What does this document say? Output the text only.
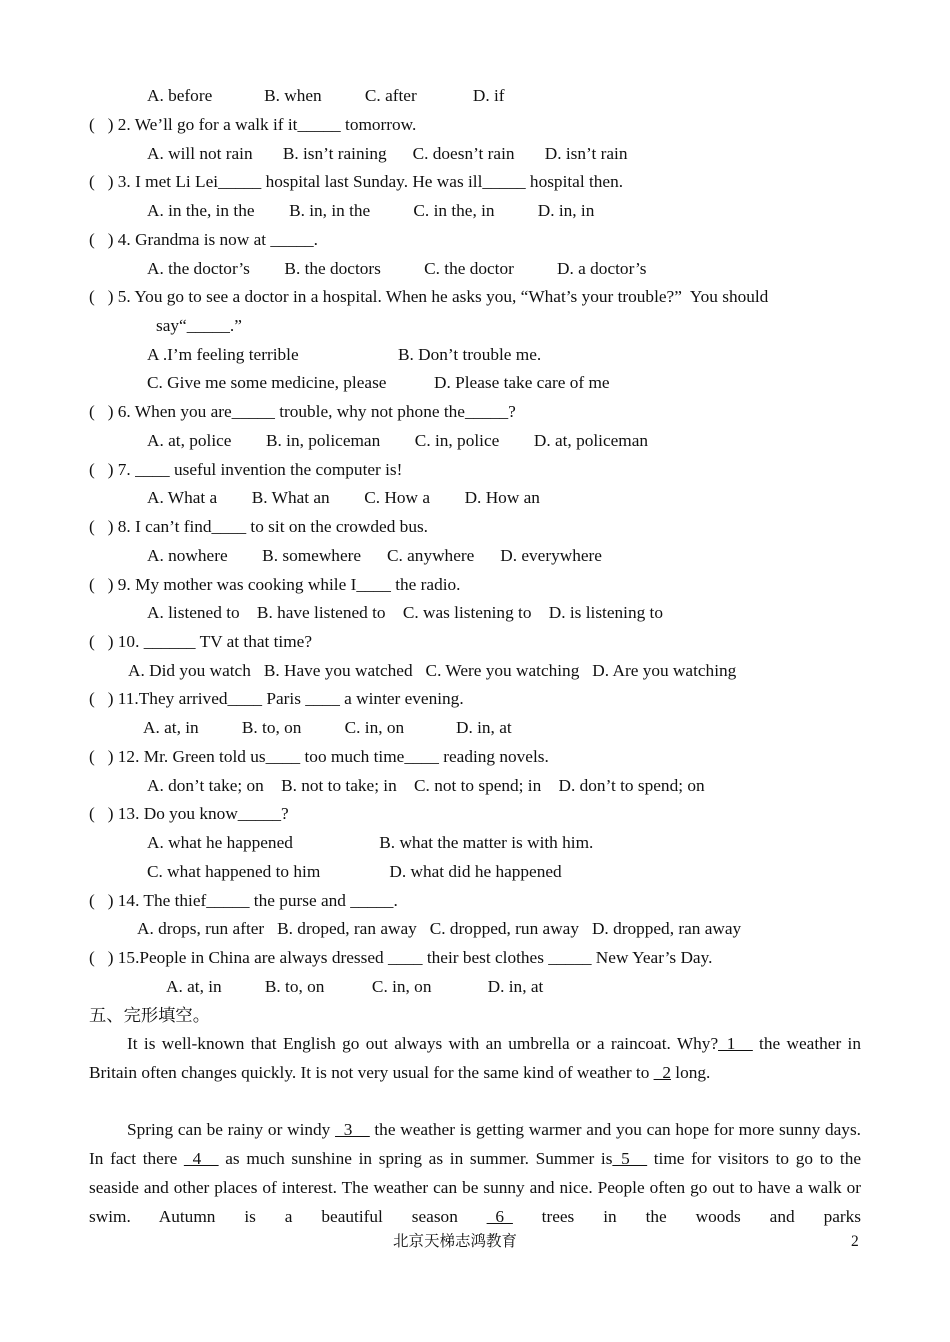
A. before            B. when          C. after             D. if
(   ) 2. We’ll go for a walk if it_____ tomorrow.
A. will not rain       B. isn’t raining      C. doesn’t rain       D. isn’t rain
(   ) 3. I met Li Lei_____ hospital last Sunday. He was ill_____ hospital then.
A. in the, in the        B. in, in the          C. in the, in          D. in, in
(   ) 4. Grandma is now at _____.
A. the doctor’s        B. the doctors          C. the doctor          D. a doctor’s
(   ) 5. You go to see a doctor in a hospital. When he asks you, “What’s your trouble?”  You should
say“_____.”
A .I’m feeling terrible                       B. Don’t trouble me.
C. Give me some medicine, please           D. Please take care of me
(   ) 6. When you are_____ trouble, why not phone the_____?
A. at, police        B. in, policeman        C. in, police        D. at, policeman
(   ) 7. ____ useful invention the computer is!
A. What a        B. What an        C. How a        D. How an
(   ) 8. I can’t find____ to sit on the crowded bus.
A. nowhere        B. somewhere      C. anywhere      D. everywhere
(   ) 9. My mother was cooking while I____ the radio.
A. listened to    B. have listened to    C. was listening to    D. is listening to
(   ) 10. ______ TV at that time?
A. Did you watch   B. Have you watched   C. Were you watching   D. Are you watching
(   ) 11.They arrived____ Paris ____ a winter evening.
A. at, in          B. to, on          C. in, on            D. in, at
(   ) 12. Mr. Green told us____ too much time____ reading novels.
A. don’t take; on    B. not to take; in    C. not to spend; in    D. don’t to spend; on
(   ) 13. Do you know_____?
A. what he happened                    B. what the matter is with him.
C. what happened to him                D. what did he happened
(   ) 14. The thief_____ the purse and _____.
A. drops, run after   B. droped, ran away   C. dropped, run away   D. dropped, ran away
(   ) 15.People in China are always dressed ____ their best clothes _____ New Year’s Day.
A. at, in          B. to, on           C. in, on             D. in, at
五、完形填空。
It is well-known that English go out always with an umbrella or a raincoat. Why?_1__ the weather in Britain often changes quickly. It is not very usual for the same kind of weather to _2 long.
Spring can be rainy or windy _3__ the weather is getting warmer and you can hope for more sunny days. In fact there _4__ as much sunshine in spring as in summer. Summer is_5__ time for visitors to go to the seaside and other places of interest. The weather can be sunny and nice. People often go out to have a walk or swim. Autumn is a beautiful season _6_ trees in the woods and parks
北京天梯志鸿教育	2
